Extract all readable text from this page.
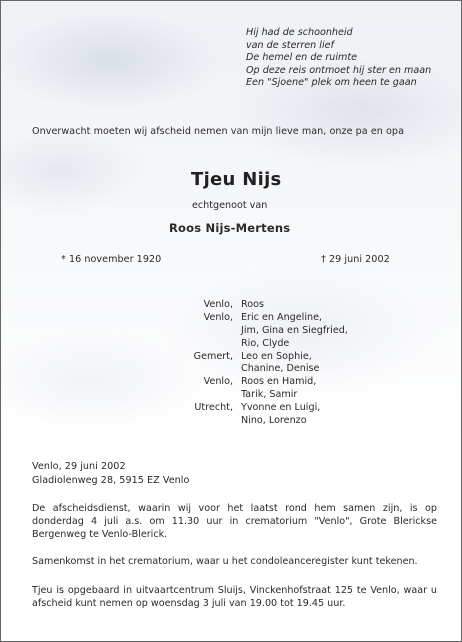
Hij had de schoonheid
van de sterren lief
De hemel en de ruimte
Op deze reis ontmoet hij ster en maan
Een "Sjoene" plek om heen te gaan
Onverwacht moeten wij afscheid nemen van mijn lieve man, onze pa en opa
Tjeu Nijs
echtgenoot van
Roos Nijs-Mertens
* 16 november 1920	† 29 juni 2002
Venlo, Roos
Venlo, Eric en Angeline,
Jim, Gina en Siegfried,
Rio, Clyde
Gemert, Leo en Sophie,
Chanine, Denise
Venlo, Roos en Hamid,
Tarik, Samir
Utrecht, Yvonne en Luigi,
Nino, Lorenzo
Venlo, 29 juni 2002
Gladiolenweg 28, 5915 EZ Venlo
De afscheidsdienst, waarin wij voor het laatst rond hem samen zijn, is op donderdag 4 juli a.s. om 11.30 uur in crematorium "Venlo", Grote Blerickse Bergenweg te Venlo-Blerick.
Samenkomst in het crematorium, waar u het condoleanceregister kunt tekenen.
Tjeu is opgebaard in uitvaartcentrum Sluijs, Vinckenhofstraat 125 te Venlo, waar u afscheid kunt nemen op woensdag 3 juli van 19.00 tot 19.45 uur.
